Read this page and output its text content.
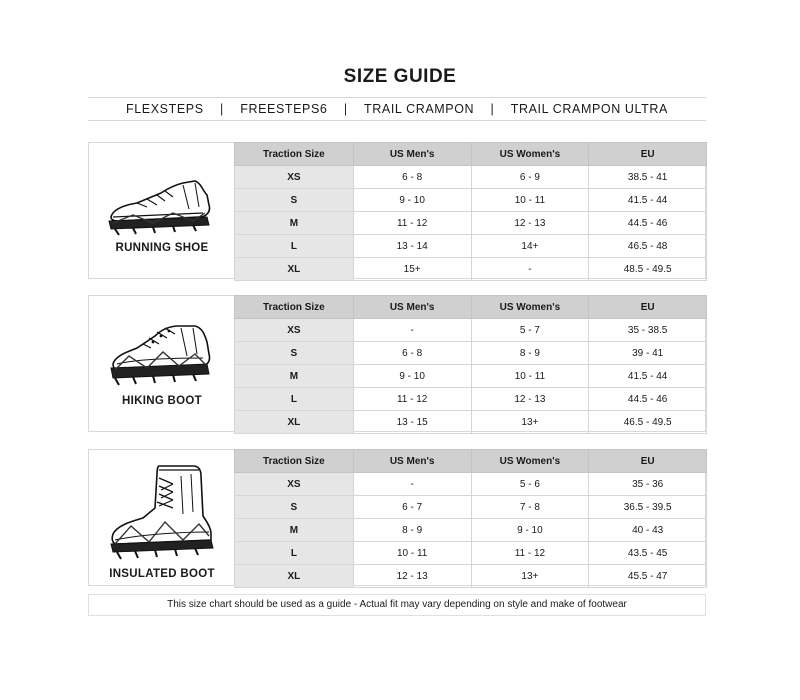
SIZE GUIDE
FLEXSTEPS | FREESTEPS6 | TRAIL CRAMPON | TRAIL CRAMPON ULTRA
RUNNING SHOE
Traction Size	US Men's	US Women's	EU
XS	6 - 8	6 - 9	38.5 - 41
S	9 - 10	10 - 11	41.5 - 44
M	11 - 12	12 - 13	44.5 - 46
L	13 - 14	14+	46.5 - 48
XL	15+	-	48.5 - 49.5
HIKING BOOT
Traction Size	US Men's	US Women's	EU
XS	-	5 - 7	35 - 38.5
S	6 - 8	8 - 9	39 - 41
M	9 - 10	10 - 11	41.5 - 44
L	11 - 12	12 - 13	44.5 - 46
XL	13 - 15	13+	46.5 - 49.5
INSULATED BOOT
Traction Size	US Men's	US Women's	EU
XS	-	5 - 6	35 - 36
S	6 - 7	7 - 8	36.5 - 39.5
M	8 - 9	9 - 10	40 - 43
L	10 - 11	11 - 12	43.5 - 45
XL	12 - 13	13+	45.5 - 47
This size chart should be used as a guide - Actual fit may vary depending on style and make of footwear
